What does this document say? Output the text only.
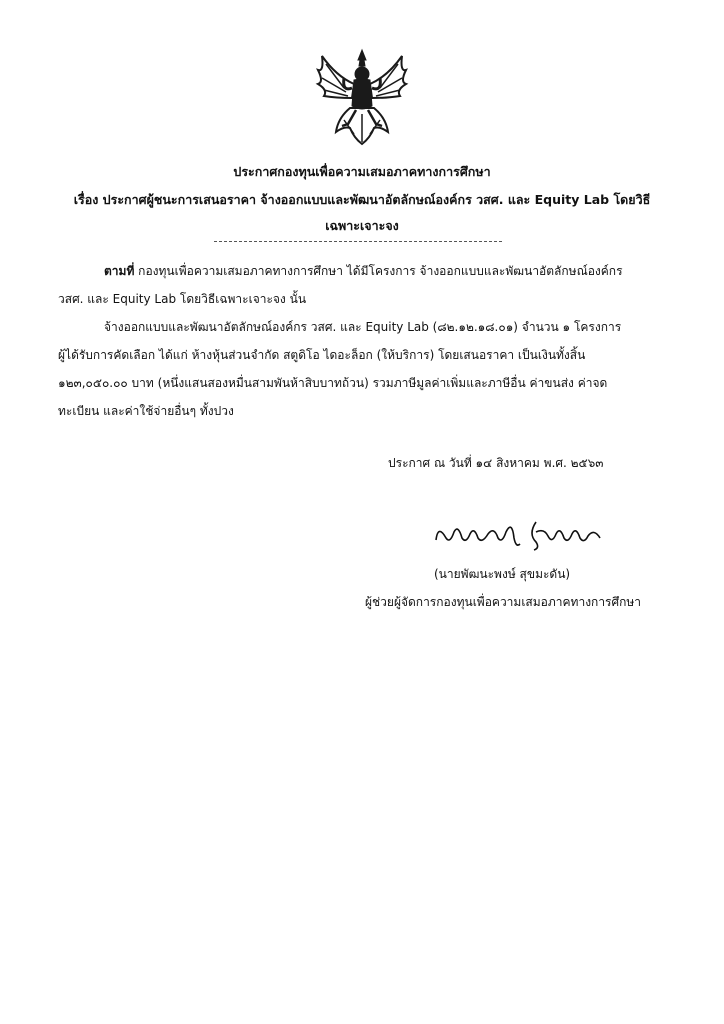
ประกาศกองทุนเพื่อความเสมอภาคทางการศึกษา
เรื่อง ประกาศผู้ชนะการเสนอราคา จ้างออกแบบและพัฒนาอัตลักษณ์องค์กร วสศ. และ Equity Lab โดยวิธี
เฉพาะเจาะจง
ตามที่ กองทุนเพื่อความเสมอภาคทางการศึกษา ได้มีโครงการ จ้างออกแบบและพัฒนาอัตลักษณ์องค์กร
วสศ. และ Equity Lab โดยวิธีเฉพาะเจาะจง นั้น
จ้างออกแบบและพัฒนาอัตลักษณ์องค์กร วสศ. และ Equity Lab (๘๒.๑๒.๑๘.๐๑) จำนวน ๑ โครงการ
ผู้ได้รับการคัดเลือก ได้แก่ ห้างหุ้นส่วนจำกัด สตูดิโอ ไดอะล็อก (ให้บริการ) โดยเสนอราคา เป็นเงินทั้งสิ้น
๑๒๓,๐๕๐.๐๐ บาท (หนึ่งแสนสองหมื่นสามพันห้าสิบบาทถ้วน) รวมภาษีมูลค่าเพิ่มและภาษีอื่น ค่าขนส่ง ค่าจด
ทะเบียน และค่าใช้จ่ายอื่นๆ ทั้งปวง
ประกาศ ณ วันที่ ๑๔ สิงหาคม พ.ศ. ๒๕๖๓
(นายพัฒนะพงษ์ สุขมะดัน)
ผู้ช่วยผู้จัดการกองทุนเพื่อความเสมอภาคทางการศึกษา
